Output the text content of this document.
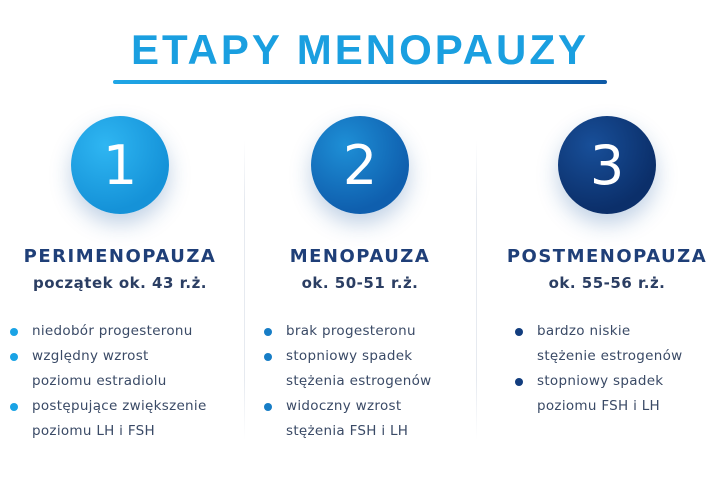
ETAPY MENOPAUZY
1
PERIMENOPAUZA
początek ok. 43 r.ż.
niedobór progesteronu
względny wzrost
poziomu estradiolu
postępujące zwiększenie
poziomu LH i FSH
2
MENOPAUZA
ok. 50-51 r.ż.
brak progesteronu
stopniowy spadek
stężenia estrogenów
widoczny wzrost
stężenia FSH i LH
3
POSTMENOPAUZA
ok. 55-56 r.ż.
bardzo niskie
stężenie estrogenów
stopniowy spadek
poziomu FSH i LH
